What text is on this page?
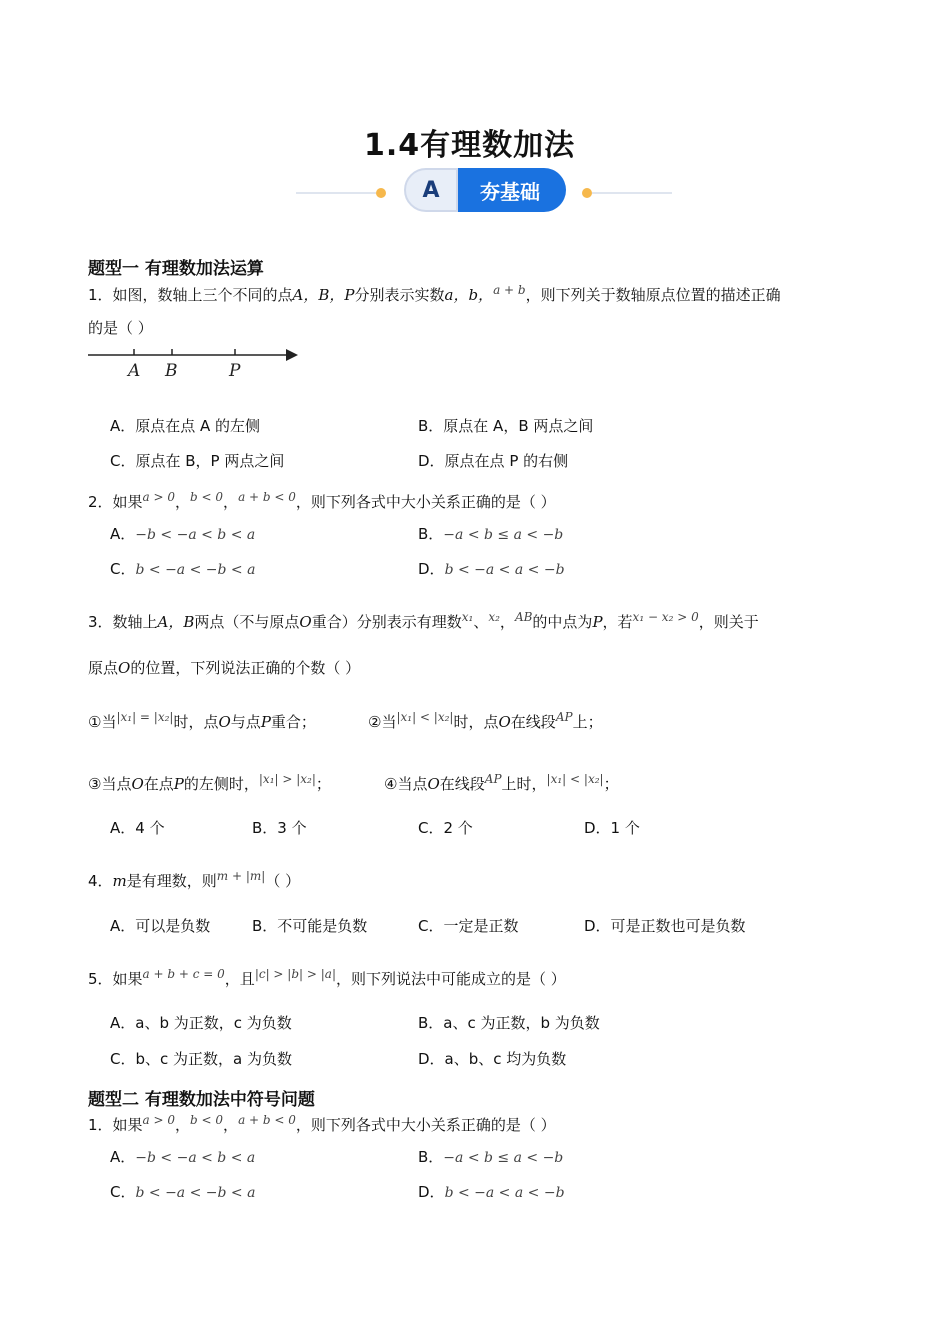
1.4有理数加法
夯基础
A
题型一 有理数加法运算
1．如图，数轴上三个不同的点A，B，P分别表示实数a，b，$^{a + b}$，则下列关于数轴原点位置的描述正确
的是（ ）
A B	P
A．原点在点 A 的左侧	B．原点在 A，B 两点之间
C．原点在 B，P 两点之间	D．原点在点 P 的右侧
2．如果$^{a > 0}$，$^{b < 0}$，$^{a + b < 0}$，则下列各式中大小关系正确的是（ ）
A．−b < −a < b < a	B．−a < b ≤ a < −b
C．b < −a < −b < a	D．b < −a < a < −b
3．数轴上A，B两点（不与原点O重合）分别表示有理数$^{x_1}$、$^{x_2}$，$^{AB}$的中点为P，若$^{x_1 - x_2 > 0}$，则关于
原点O的位置，下列说法正确的个数（ ）
①当$^{|x_1| = |x_2|}$时，点O与点P重合；	②当$^{|x_1| < |x_2|}$时，点O在线段$^{AP}$上；
③当点O在点P的左侧时，$^{|x_1| > |x_2|}$；	④当点O在线段$^{AP}$上时，$^{|x_1| < |x_2|}$；
A．4 个	B．3 个	C．2 个	D．1 个
4．m是有理数，则$^{m + |m|}$（ ）
A．可以是负数	B．不可能是负数	C．一定是正数	D．可是正数也可是负数
5．如果$^{a + b + c = 0}$，且$^{|c| > |b| > |a|}$，则下列说法中可能成立的是（ ）
A．a、b 为正数，c 为负数	B．a、c 为正数，b 为负数
C．b、c 为正数，a 为负数	D．a、b、c 均为负数
题型二 有理数加法中符号问题
1．如果$^{a > 0}$，$^{b < 0}$，$^{a + b < 0}$，则下列各式中大小关系正确的是（ ）
A．−b < −a < b < a	B．−a < b ≤ a < −b
C．b < −a < −b < a	D．b < −a < a < −b
